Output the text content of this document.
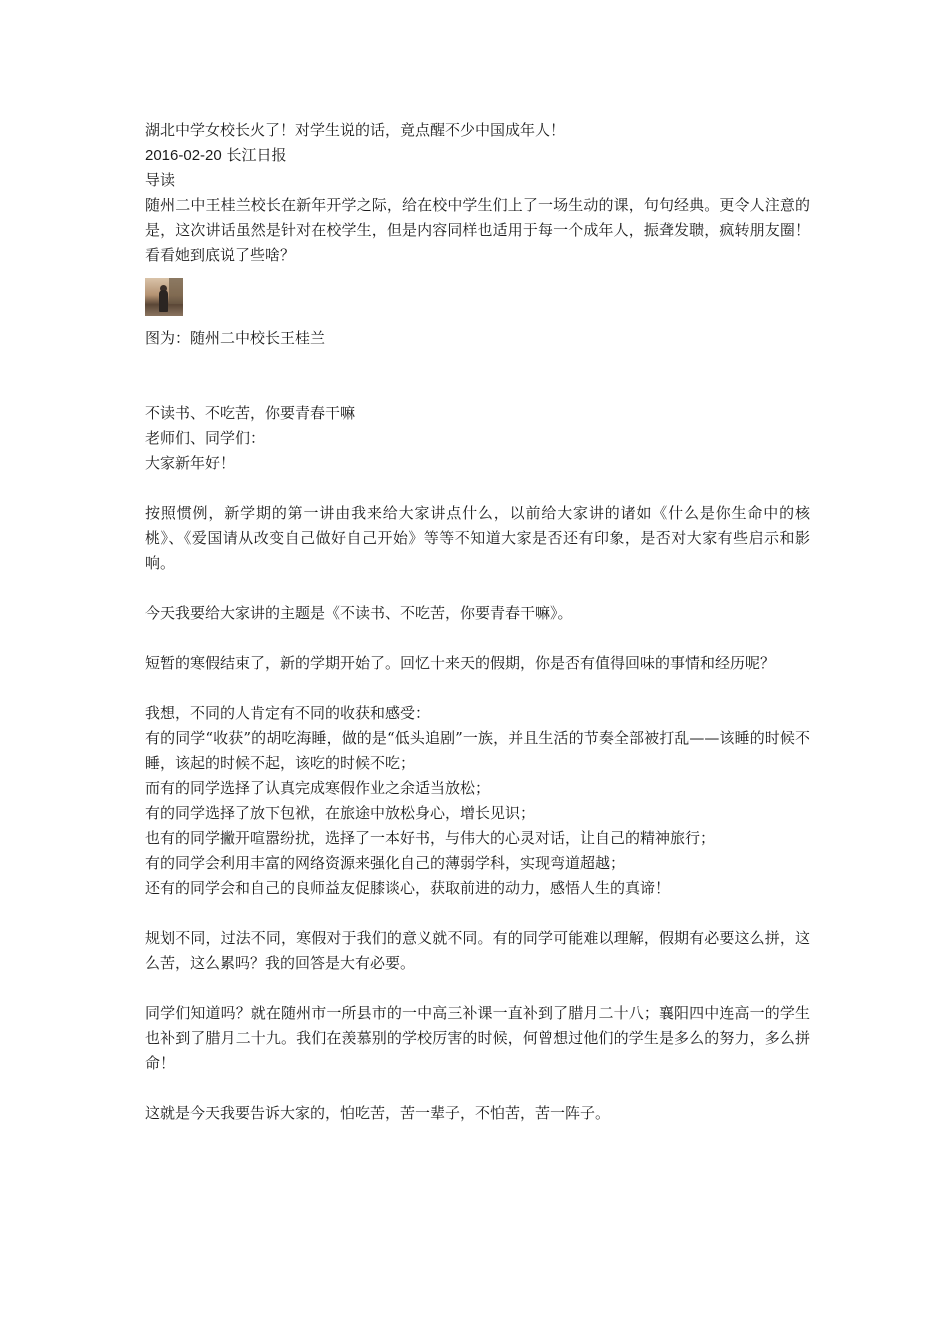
湖北中学女校长火了！对学生说的话，竟点醒不少中国成年人！
2016-02-20 长江日报
导读
随州二中王桂兰校长在新年开学之际，给在校中学生们上了一场生动的课，句句经典。更令人注意的是，这次讲话虽然是针对在校学生，但是内容同样也适用于每一个成年人，振聋发聩，疯转朋友圈！看看她到底说了些啥？
图为：随州二中校长王桂兰
不读书、不吃苦，你要青春干嘛
老师们、同学们：
大家新年好！
按照惯例，新学期的第一讲由我来给大家讲点什么，以前给大家讲的诸如《什么是你生命中的核桃》、《爱国请从改变自己做好自己开始》等等不知道大家是否还有印象，是否对大家有些启示和影响。
今天我要给大家讲的主题是《不读书、不吃苦，你要青春干嘛》。
短暂的寒假结束了，新的学期开始了。回忆十来天的假期，你是否有值得回味的事情和经历呢？
我想，不同的人肯定有不同的收获和感受：
有的同学“收获”的胡吃海睡，做的是“低头追剧”一族，并且生活的节奏全部被打乱——该睡的时候不睡，该起的时候不起，该吃的时候不吃；
而有的同学选择了认真完成寒假作业之余适当放松；
有的同学选择了放下包袱，在旅途中放松身心，增长见识；
也有的同学撇开喧嚣纷扰，选择了一本好书，与伟大的心灵对话，让自己的精神旅行；
有的同学会利用丰富的网络资源来强化自己的薄弱学科，实现弯道超越；
还有的同学会和自己的良师益友促膝谈心，获取前进的动力，感悟人生的真谛！
规划不同，过法不同，寒假对于我们的意义就不同。有的同学可能难以理解，假期有必要这么拼，这么苦，这么累吗？我的回答是大有必要。
同学们知道吗？就在随州市一所县市的一中高三补课一直补到了腊月二十八；襄阳四中连高一的学生也补到了腊月二十九。我们在羡慕别的学校厉害的时候，何曾想过他们的学生是多么的努力，多么拼命！
这就是今天我要告诉大家的，怕吃苦，苦一辈子，不怕苦，苦一阵子。
